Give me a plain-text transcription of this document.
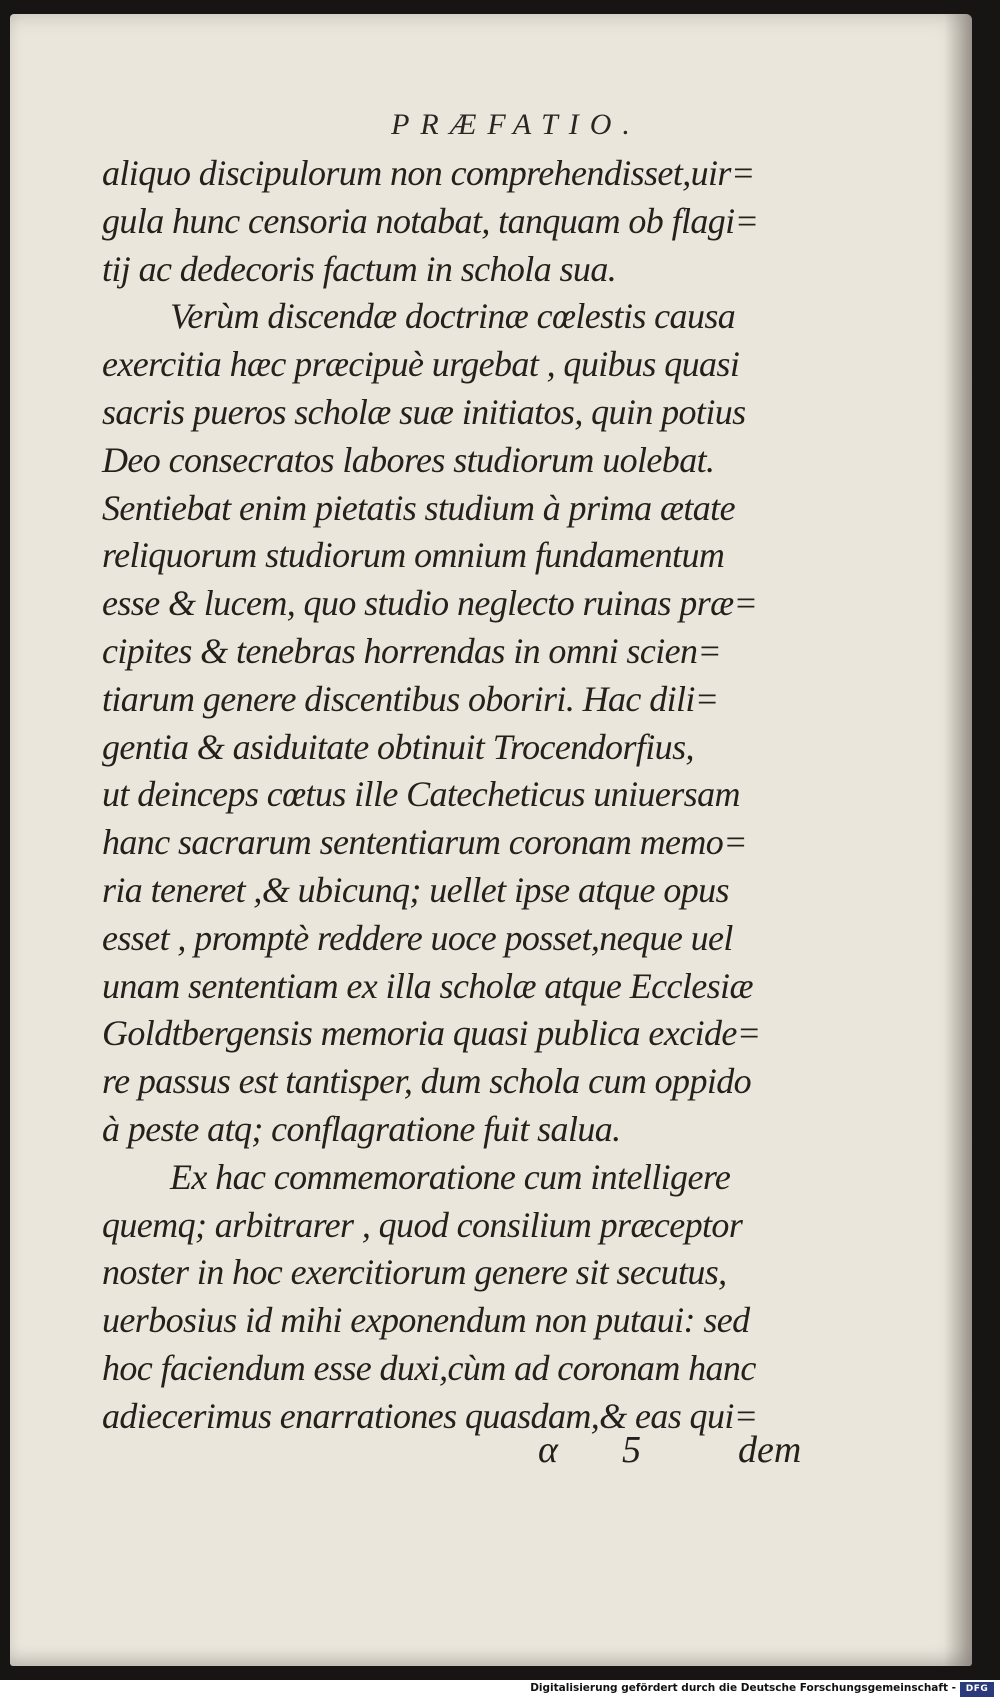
PRÆFATIO.
aliquo discipulorum non comprehendisset,uir=
gula hunc censoria notabat, tanquam ob flagi=
tij ac dedecoris factum in schola sua.
Verùm discendæ doctrinæ cœlestis causa
exercitia hæc præcipuè urgebat , quibus quasi
sacris pueros scholæ suæ initiatos, quin potius
Deo consecratos labores studiorum uolebat.
Sentiebat enim pietatis studium à prima ætate
reliquorum studiorum omnium fundamentum
esse & lucem, quo studio neglecto ruinas præ=
cipites & tenebras horrendas in omni scien=
tiarum genere discentibus oboriri. Hac dili=
gentia & asiduitate obtinuit Trocendorfius,
ut deinceps cœtus ille Catecheticus uniuersam
hanc sacrarum sententiarum coronam memo=
ria teneret ,& ubicunq; uellet ipse atque opus
esset , promptè reddere uoce posset,neque uel
unam sententiam ex illa scholæ atque Ecclesiæ
Goldtbergensis memoria quasi publica excide=
re passus est tantisper, dum schola cum oppido
à peste atq; conflagratione fuit salua.
Ex hac commemoratione cum intelligere
quemq; arbitrarer , quod consilium præceptor
noster in hoc exercitiorum genere sit secutus,
uerbosius id mihi exponendum non putaui: sed
hoc faciendum esse duxi,cùm ad coronam hanc
adiecerimus enarrationes quasdam,& eas qui=
α 5	dem
Digitalisierung gefördert durch die Deutsche Forschungsgemeinschaft -	DFG
